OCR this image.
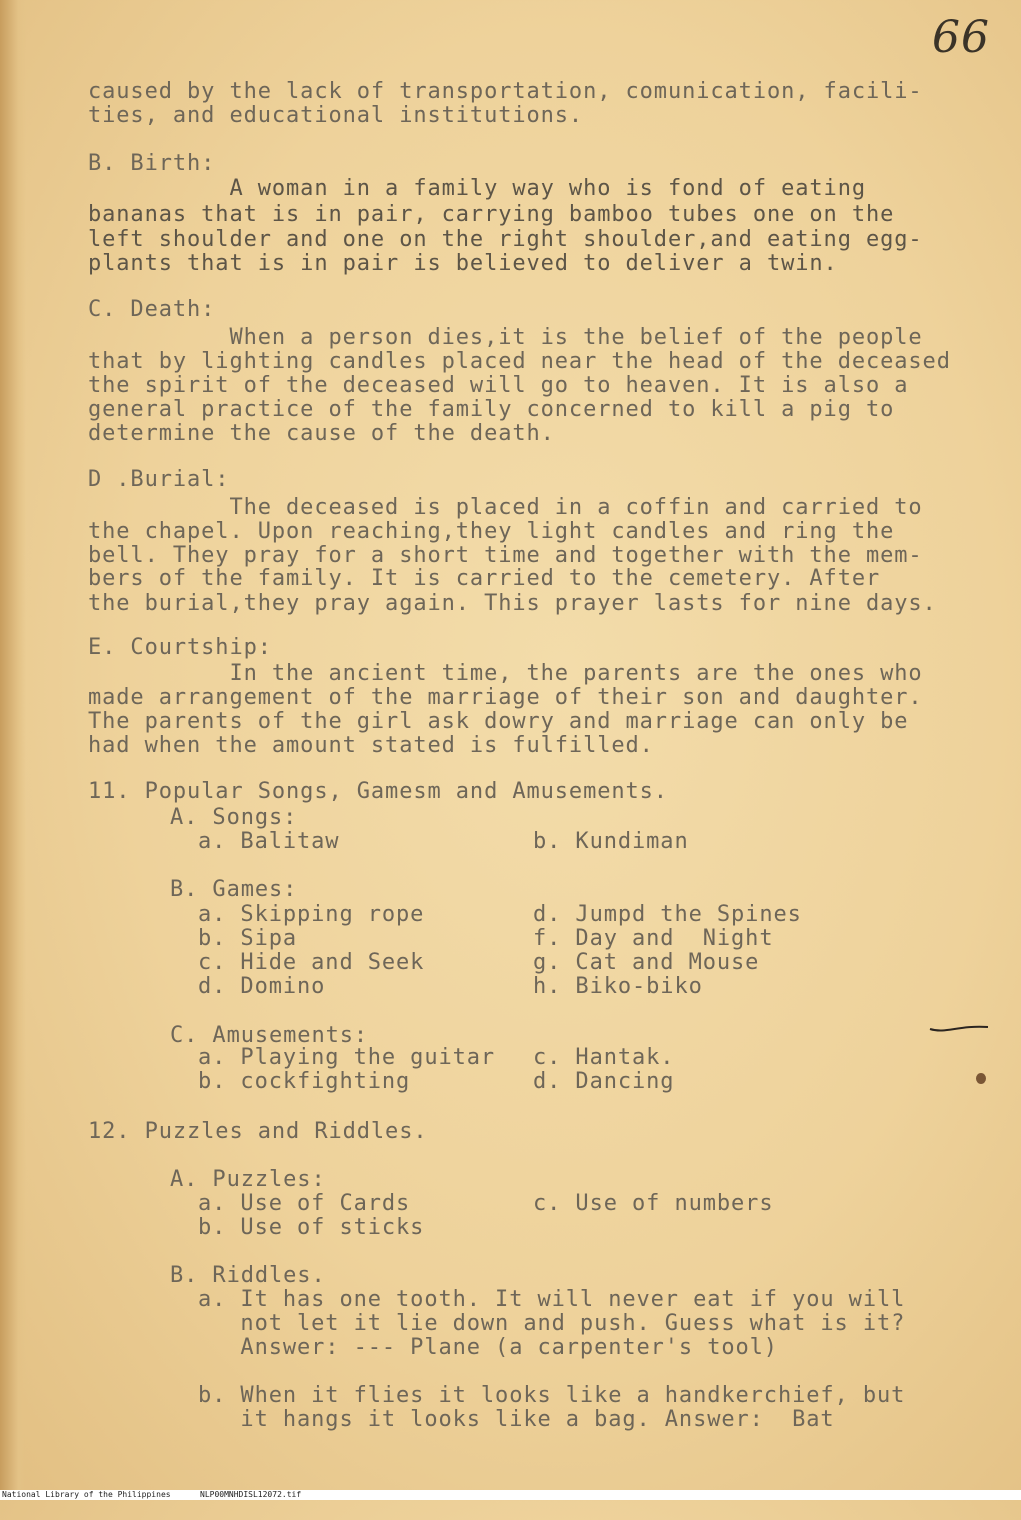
66
caused by the lack of transportation, comunication, facili-
ties, and educational institutions.
B. Birth:
A woman in a family way who is fond of eating
bananas that is in pair, carrying bamboo tubes one on the
left shoulder and one on the right shoulder,and eating egg-
plants that is in pair is believed to deliver a twin.
C. Death:
When a person dies,it is the belief of the people
that by lighting candles placed near the head of the deceased
the spirit of the deceased will go to heaven. It is also a
general practice of the family concerned to kill a pig to
determine the cause of the death.
D .Burial:
The deceased is placed in a coffin and carried to
the chapel. Upon reaching,they light candles and ring the
bell. They pray for a short time and together with the mem-
bers of the family. It is carried to the cemetery. After
the burial,they pray again. This prayer lasts for nine days.
E. Courtship:
In the ancient time, the parents are the ones who
made arrangement of the marriage of their son and daughter.
The parents of the girl ask dowry and marriage can only be
had when the amount stated is fulfilled.
11. Popular Songs, Gamesm and Amusements.
A. Songs:
a. Balitaw	b. Kundiman
B. Games:
a. Skipping rope
b. Sipa
c. Hide and Seek
d. Domino
d. Jumpd the Spines
f. Day and  Night
g. Cat and Mouse
h. Biko-biko
C. Amusements:
a. Playing the guitar
b. cockfighting
c. Hantak.
d. Dancing
12. Puzzles and Riddles.
A. Puzzles:
a. Use of Cards
b. Use of sticks
c. Use of numbers
B. Riddles.
a. It has one tooth. It will never eat if you will
not let it lie down and push. Guess what is it?
Answer: --- Plane (a carpenter's tool)
b. When it flies it looks like a handkerchief, but
it hangs it looks like a bag. Answer:  Bat

National Library of the Philippines

	NLP00MNHDISL12072.tif
